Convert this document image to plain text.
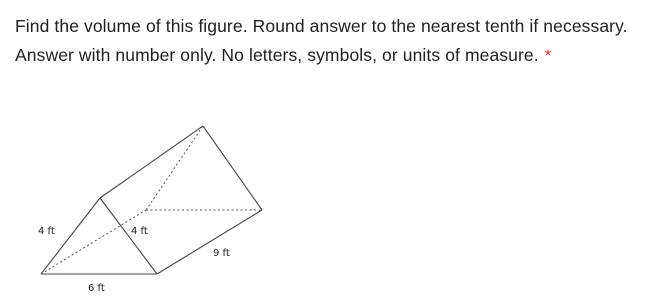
Find the volume of this figure. Round answer to the nearest tenth if necessary. Answer with number only. No letters, symbols, or units of measure. *
4 ft	4 ft
9 ft
6 ft
